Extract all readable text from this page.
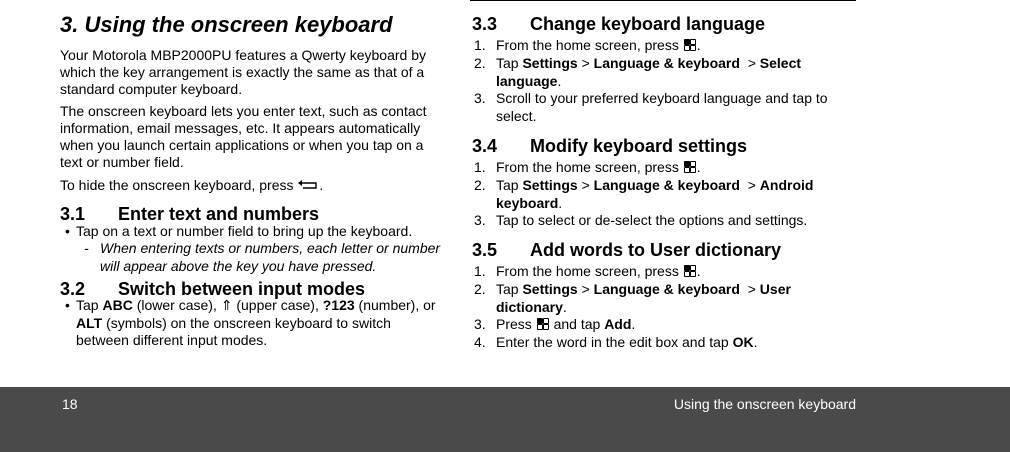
3. Using the onscreen keyboard
Your Motorola MBP2000PU features a Qwerty keyboard by which the key arrangement is exactly the same as that of a standard computer keyboard.
The onscreen keyboard lets you enter text, such as contact information, email messages, etc. It appears automatically when you launch certain applications or when you tap on a text or number field.
To hide the onscreen keyboard, press .
3.1 Enter text and numbers
• Tap on a text or number field to bring up the keyboard.
- When entering texts or numbers, each letter or number will appear above the key you have pressed.
3.2 Switch between input modes
• Tap ABC (lower case), ⇑ (upper case), ?123 (number), or ALT (symbols) on the onscreen keyboard to switch between different input modes.
3.3 Change keyboard language
1. From the home screen, press .
2. Tap Settings > Language & keyboard > Select language.
3. Scroll to your preferred keyboard language and tap to select.
3.4 Modify keyboard settings
1. From the home screen, press .
2. Tap Settings > Language & keyboard > Android keyboard.
3. Tap to select or de-select the options and settings.
3.5 Add words to User dictionary
1. From the home screen, press .
2. Tap Settings > Language & keyboard > User dictionary.
3. Press and tap Add.
4. Enter the word in the edit box and tap OK.
18	Using the onscreen keyboard
